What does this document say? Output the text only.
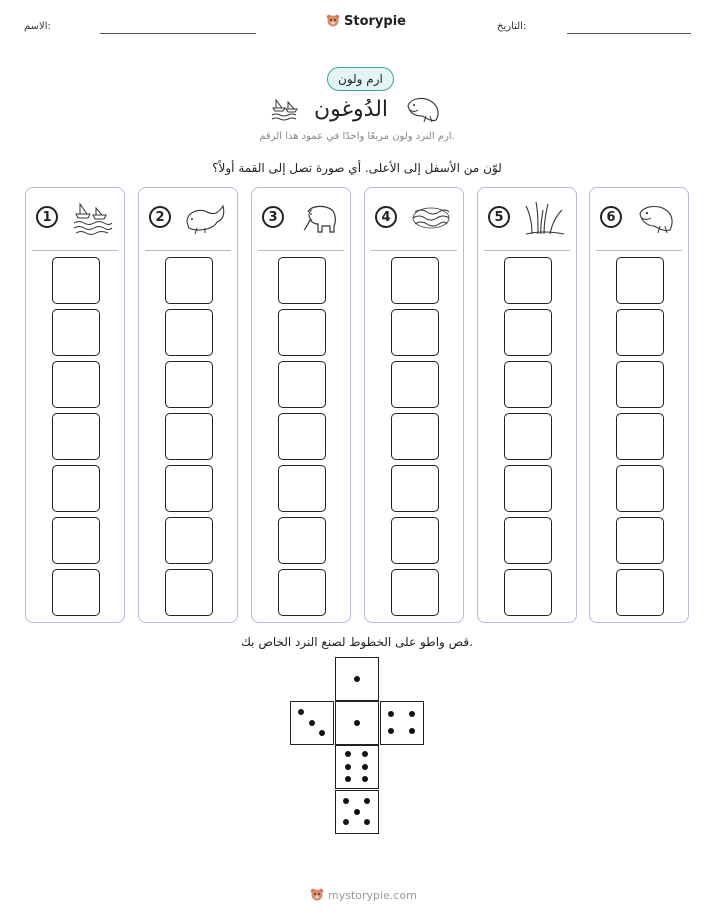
الاسم:	Storypie	التاريخ:
ارم ولون
الدُوغون
ارم النرد ولون مربعًا واحدًا في عمود هذا الرقم.
لوّن من الأسفل إلى الأعلى. أي صورة تصل إلى القمة أولاً؟
1	2	3	4	5	6
قص واطو على الخطوط لصنع النرد الخاص بك.
mystorypie.com
